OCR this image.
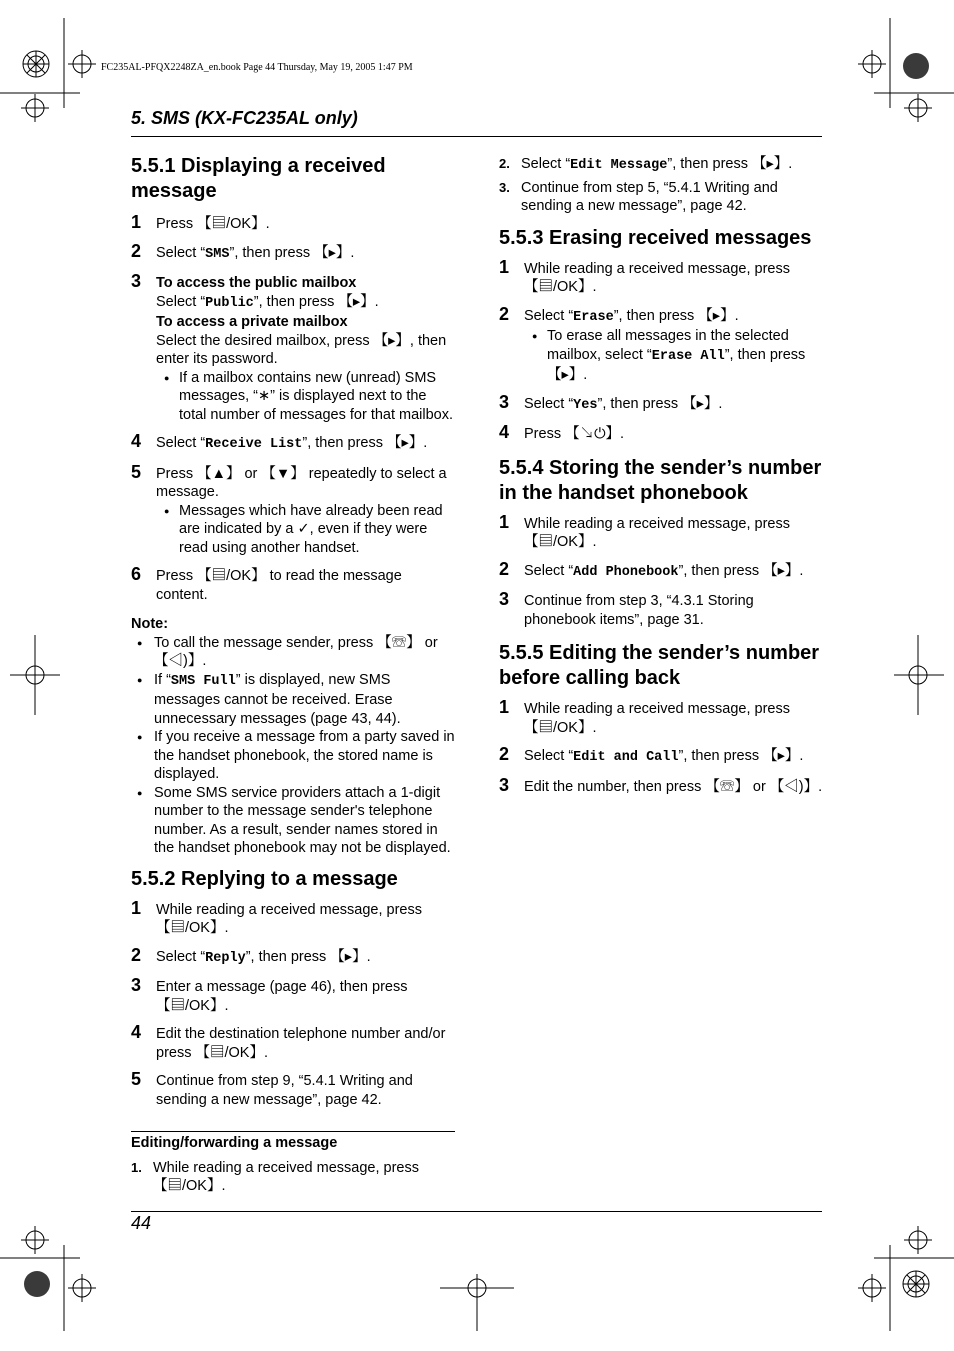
FC235AL-PFQX2248ZA_en.book Page 44 Thursday, May 19, 2005 1:47 PM
5. SMS (KX-FC235AL only)
5.5.1 Displaying a received message
1 Press 【▤/OK】.
2 Select “SMS”, then press 【▸】.
3 To access the public mailbox
Select “Public”, then press 【▸】.
To access a private mailbox
Select the desired mailbox, press 【▸】, then enter its password.
● If a mailbox contains new (unread) SMS messages, “∗” is displayed next to the total number of messages for that mailbox.
4 Select “Receive List”, then press 【▸】.
5 Press 【▲】 or 【▼】 repeatedly to select a message.
● Messages which have already been read are indicated by a ✓, even if they were read using another handset.
6 Press 【▤/OK】 to read the message content.
Note:
● To call the message sender, press 【☏】 or 【◁)】.
● If “SMS Full” is displayed, new SMS messages cannot be received. Erase unnecessary messages (page 43, 44).
● If you receive a message from a party saved in the handset phonebook, the stored name is displayed.
● Some SMS service providers attach a 1-digit number to the message sender's telephone number. As a result, sender names stored in the handset phonebook may not be displayed.
5.5.2 Replying to a message
1 While reading a received message, press 【▤/OK】.
2 Select “Reply”, then press 【▸】.
3 Enter a message (page 46), then press 【▤/OK】.
4 Edit the destination telephone number and/or press 【▤/OK】.
5 Continue from step 9, “5.4.1 Writing and sending a new message”, page 42.
Editing/forwarding a message
1. While reading a received message, press 【▤/OK】.
2. Select “Edit Message”, then press 【▸】.
3. Continue from step 5, “5.4.1 Writing and sending a new message”, page 42.
5.5.3 Erasing received messages
1 While reading a received message, press 【▤/OK】.
2 Select “Erase”, then press 【▸】.
● To erase all messages in the selected mailbox, select “Erase All”, then press 【▸】.
3 Select “Yes”, then press 【▸】.
4 Press 【↘⏻】.
5.5.4 Storing the sender’s number in the handset phonebook
1 While reading a received message, press 【▤/OK】.
2 Select “Add Phonebook”, then press 【▸】.
3 Continue from step 3, “4.3.1 Storing phonebook items”, page 31.
5.5.5 Editing the sender’s number before calling back
1 While reading a received message, press 【▤/OK】.
2 Select “Edit and Call”, then press 【▸】.
3 Edit the number, then press 【☏】 or 【◁)】.
44
